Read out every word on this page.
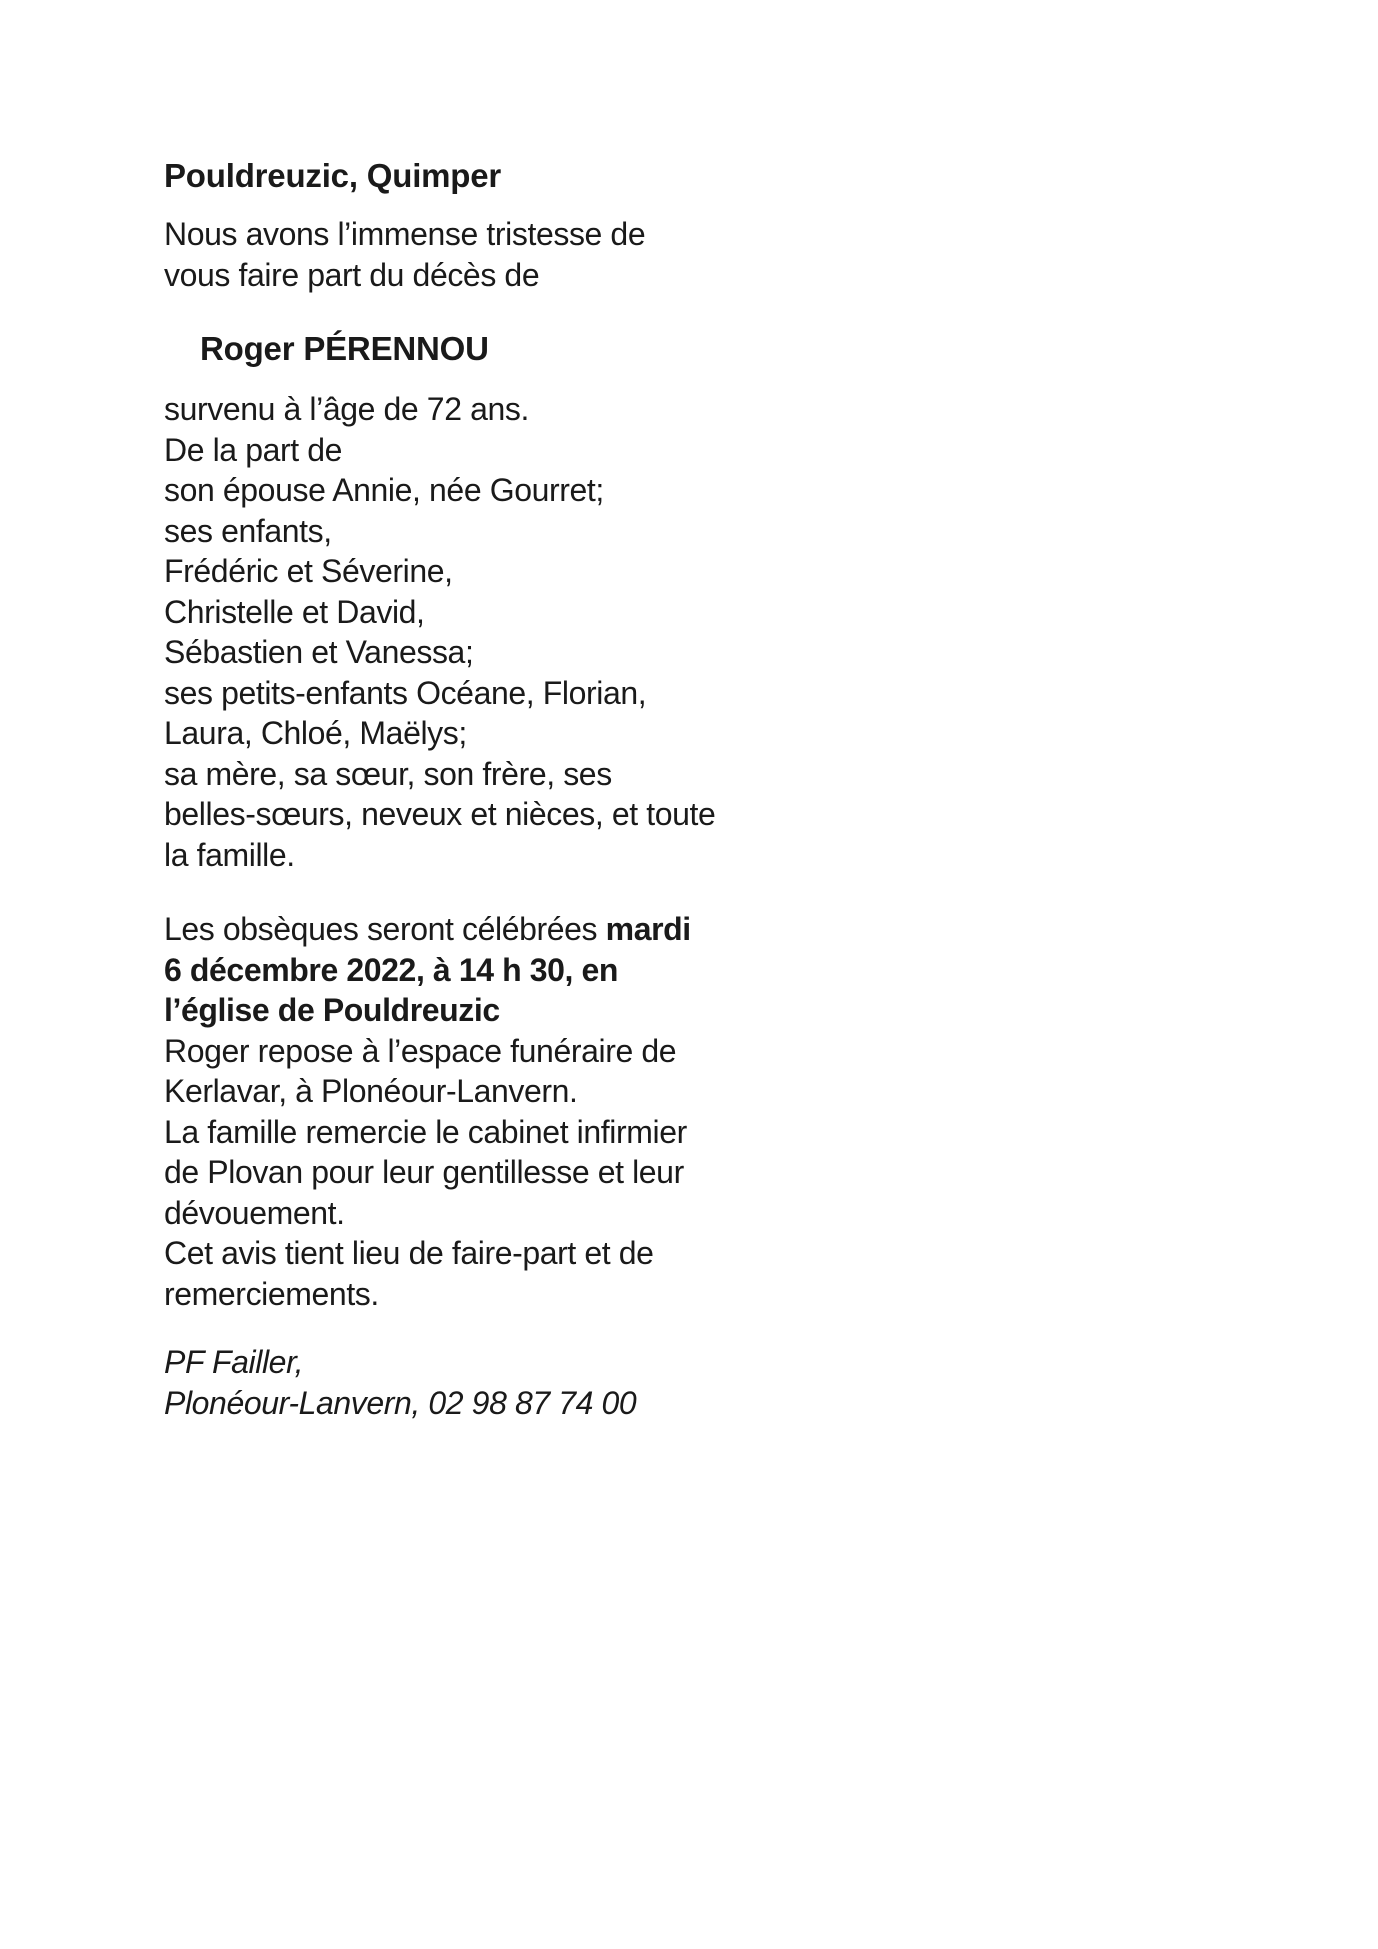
Pouldreuzic, Quimper

Nous avons l’immense tristesse de
vous faire part du décès de

Roger PÉRENNOU

survenu à l’âge de 72 ans.
De la part de
son épouse Annie, née Gourret;
ses enfants,
Frédéric et Séverine,
Christelle et David,
Sébastien et Vanessa;
ses petits-enfants Océane, Florian,
Laura, Chloé, Maëlys;
sa mère, sa sœur, son frère, ses
belles-sœurs, neveux et nièces, et toute
la famille.

Les obsèques seront célébrées mardi
6 décembre 2022, à 14 h 30, en
l’église de Pouldreuzic
Roger repose à l’espace funéraire de
Kerlavar, à Plonéour-Lanvern.
La famille remercie le cabinet infirmier
de Plovan pour leur gentillesse et leur
dévouement.
Cet avis tient lieu de faire-part et de
remerciements.

PF Failler,
Plonéour-Lanvern, 02 98 87 74 00
